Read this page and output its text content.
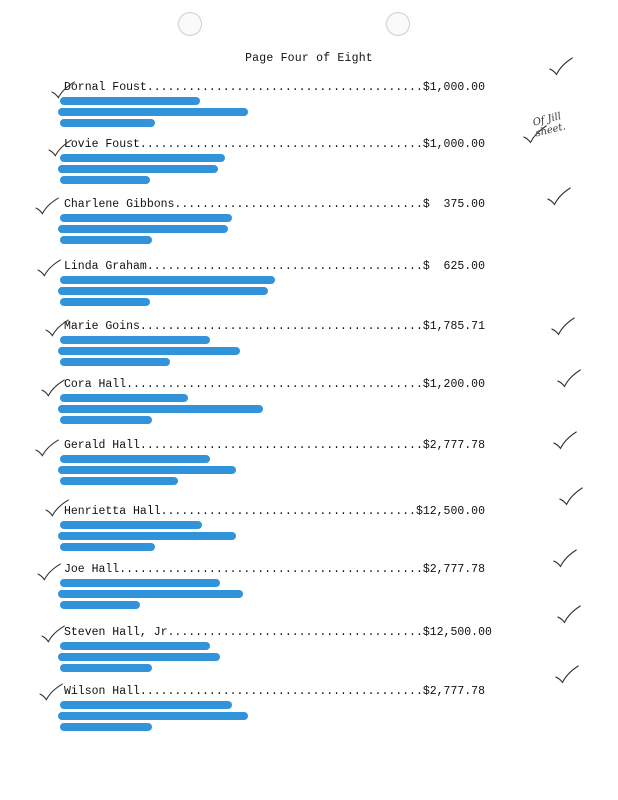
Page Four of Eight
Dornal Foust........................................$1,000.00
Lovie Foust.........................................$1,000.00
Charlene Gibbons....................................$  375.00
Linda Graham........................................$  625.00
Marie Goins.........................................$1,785.71
Cora Hall...........................................$1,200.00
Gerald Hall.........................................$2,777.78
Henrietta Hall.....................................$12,500.00
Joe Hall............................................$2,777.78
Steven Hall, Jr.....................................$12,500.00
Wilson Hall.........................................$2,777.78
Of Jill
sheet.
